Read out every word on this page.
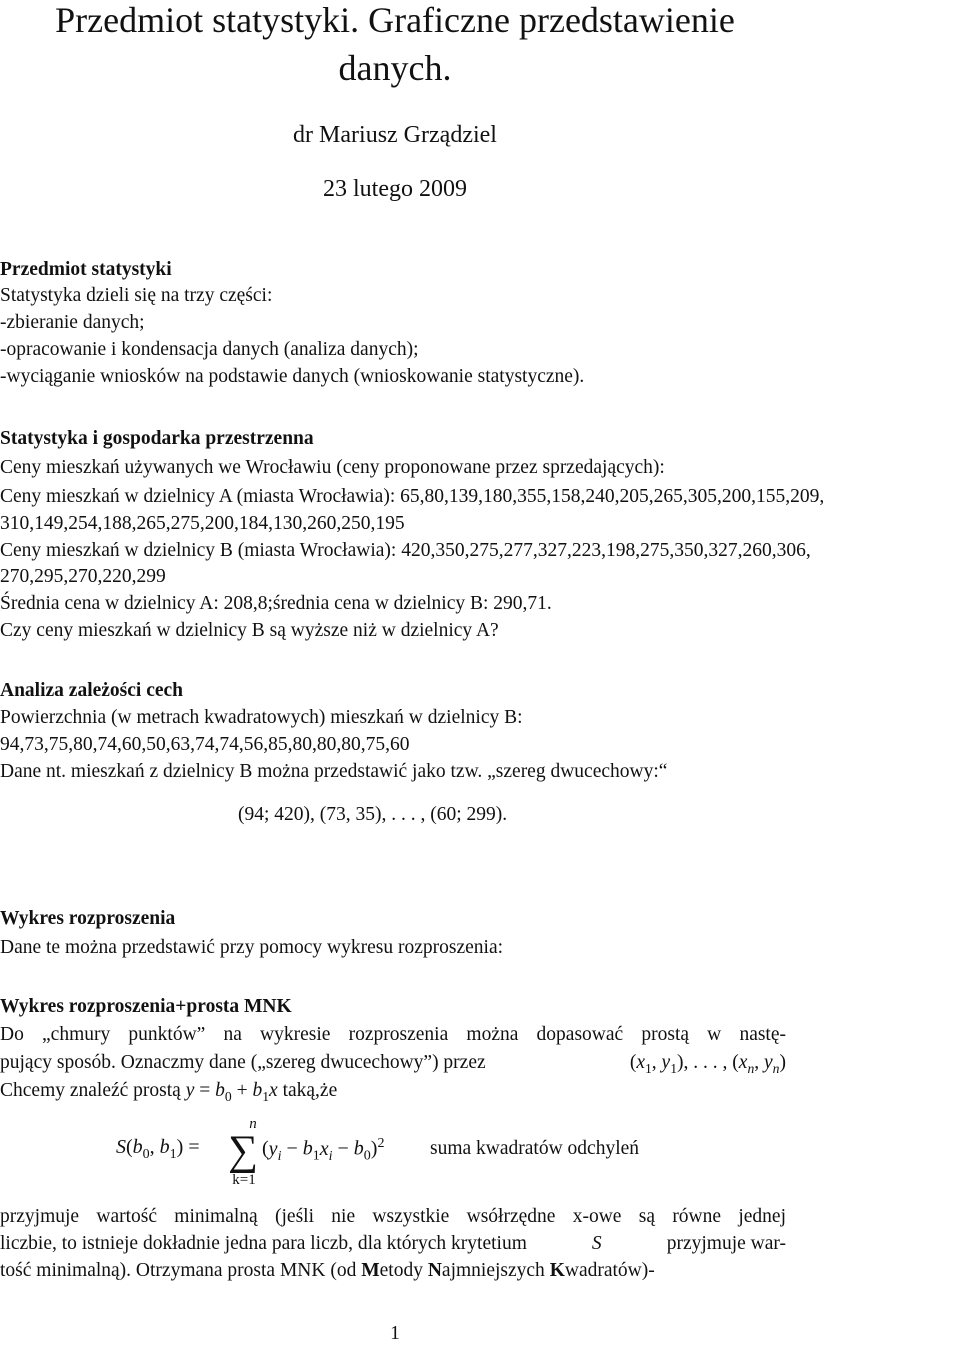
Przedmiot statystyki. Graficzne przedstawienie
danych.
dr Mariusz Grządziel
23 lutego 2009
Przedmiot statystyki
Statystyka dzieli się na trzy części:
-zbieranie danych;
-opracowanie i kondensacja danych (analiza danych);
-wyciąganie wniosków na podstawie danych (wnioskowanie statystyczne).
Statystyka i gospodarka przestrzenna
Ceny mieszkań używanych we Wrocławiu (ceny proponowane przez sprzedających):
Ceny mieszkań w dzielnicy A (miasta Wrocławia): 65,80,139,180,355,158,240,205,265,305,200,155,209,
310,149,254,188,265,275,200,184,130,260,250,195
Ceny mieszkań w dzielnicy B (miasta Wrocławia): 420,350,275,277,327,223,198,275,350,327,260,306,
270,295,270,220,299
Średnia cena w dzielnicy A: 208,8;średnia cena w dzielnicy B: 290,71.
Czy ceny mieszkań w dzielnicy B są wyższe niż w dzielnicy A?
Analiza zależości cech
Powierzchnia (w metrach kwadratowych) mieszkań w dzielnicy B:
94,73,75,80,74,60,50,63,74,74,56,85,80,80,80,75,60
Dane nt. mieszkań z dzielnicy B można przedstawić jako tzw. „szereg dwucechowy:“
(94; 420), (73, 35), . . . , (60; 299).
Wykres rozproszenia
Dane te można przedstawić przy pomocy wykresu rozproszenia:
Wykres rozproszenia+prosta MNK
Do „chmury punktów” na wykresie rozproszenia można dopasować prostą w nastę-
pujący sposób. Oznaczmy dane („szereg dwucechowy”) przez	($x_1$, $y_1$), . . . , ($x_n$, $y_n$)
Chcemy znaleźć prostą $y = b_0 + b_1x$ taką,że
$S(b_0$, $b_1$) =
n
∑
k=1
$(y_i - b_1x_i - b_0)^2$ suma kwadratów odchyleń
przyjmuje wartość minimalną (jeśli nie wszystkie wsółrzędne x-owe są równe jednej
liczbie, to istnieje dokładnie jedna para liczb, dla których krytetium	S	przyjmuje war-
tość minimalną). Otrzymana prosta MNK (od Metody Najmniejszych Kwadratów)-
1
